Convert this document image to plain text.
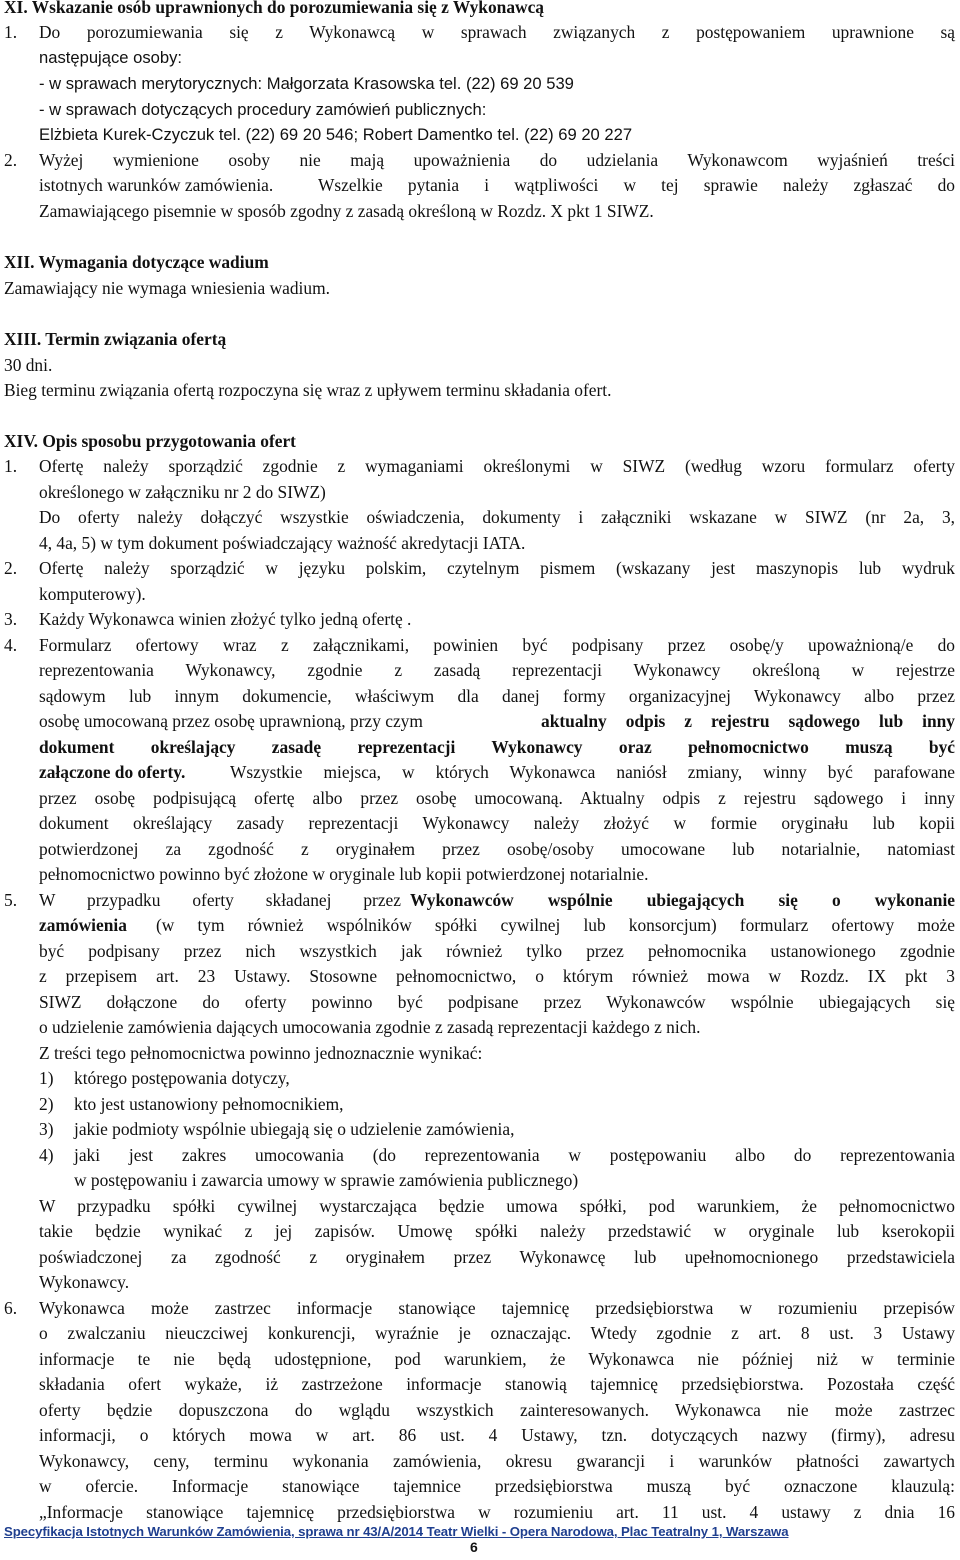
XI. Wskazanie osób uprawnionych do porozumiewania się z Wykonawcą
1. Do porozumiewania się z Wykonawcą w sprawach związanych z postępowaniem uprawnione są
następujące osoby:
- w sprawach merytorycznych: Małgorzata Krasowska tel. (22) 69 20 539
- w sprawach dotyczących procedury zamówień publicznych:
Elżbieta Kurek-Czyczuk tel. (22) 69 20 546; Robert Damentko tel. (22) 69 20 227
2. Wyżej wymienione osoby nie mają upoważnienia do udzielania Wykonawcom wyjaśnień treści
istotnych warunków zamówienia.	Wszelkie pytania i wątpliwości w tej sprawie należy zgłaszać do
Zamawiającego pisemnie w sposób zgodny z zasadą określoną w Rozdz. X pkt 1 SIWZ.
XII. Wymagania dotyczące wadium
Zamawiający nie wymaga wniesienia wadium.
XIII. Termin związania ofertą
30 dni.
Bieg terminu związania ofertą rozpoczyna się wraz z upływem terminu składania ofert.
XIV. Opis sposobu przygotowania ofert
1. Ofertę należy sporządzić zgodnie z wymaganiami określonymi w SIWZ (według wzoru formularz oferty
określonego w załączniku nr 2 do SIWZ)
Do oferty należy dołączyć wszystkie oświadczenia, dokumenty i załączniki wskazane w SIWZ (nr 2a, 3,
4, 4a, 5) w tym dokument poświadczający ważność akredytacji IATA.
2. Ofertę należy sporządzić w języku polskim, czytelnym pismem (wskazany jest maszynopis lub wydruk
komputerowy).
3. Każdy Wykonawca winien złożyć tylko jedną ofertę .
4. Formularz ofertowy wraz z załącznikami, powinien być podpisany przez osobę/y upoważnioną/e do
reprezentowania Wykonawcy, zgodnie z zasadą reprezentacji Wykonawcy określoną w rejestrze
sądowym lub innym dokumencie, właściwym dla danej formy organizacyjnej Wykonawcy albo przez
osobę umocowaną przez osobę uprawnioną, przy czym	aktualny odpis z rejestru sądowego lub inny
dokument określający zasadę reprezentacji Wykonawcy oraz pełnomocnictwo muszą być
załączone do oferty.	Wszystkie miejsca, w których Wykonawca naniósł zmiany, winny być parafowane
przez osobę podpisującą ofertę albo przez osobę umocowaną. Aktualny odpis z rejestru sądowego i inny
dokument określający zasady reprezentacji Wykonawcy należy złożyć w formie oryginału lub kopii
potwierdzonej za zgodność z oryginałem przez osobę/osoby umocowane lub notarialnie, natomiast
pełnomocnictwo powinno być złożone w oryginale lub kopii potwierdzonej notarialnie.
5. W przypadku oferty składanej przez Wykonawców wspólnie ubiegających się o wykonanie
zamówienia (w tym również wspólników spółki cywilnej lub konsorcjum) formularz ofertowy może
być podpisany przez nich wszystkich jak również tylko przez pełnomocnika ustanowionego zgodnie
z przepisem art. 23 Ustawy. Stosowne pełnomocnictwo, o którym również mowa w Rozdz. IX pkt 3
SIWZ dołączone do oferty powinno być podpisane przez Wykonawców wspólnie ubiegających się
o udzielenie zamówienia dających umocowania zgodnie z zasadą reprezentacji każdego z nich.
Z treści tego pełnomocnictwa powinno jednoznacznie wynikać:
1) którego postępowania dotyczy,
2) kto jest ustanowiony pełnomocnikiem,
3) jakie podmioty wspólnie ubiegają się o udzielenie zamówienia,
4) jaki jest zakres umocowania (do reprezentowania w postępowaniu albo do reprezentowania
w postępowaniu i zawarcia umowy w sprawie zamówienia publicznego)
W przypadku spółki cywilnej wystarczająca będzie umowa spółki, pod warunkiem, że pełnomocnictwo
takie będzie wynikać z jej zapisów. Umowę spółki należy przedstawić w oryginale lub kserokopii
poświadczonej za zgodność z oryginałem przez Wykonawcę lub upełnomocnionego przedstawiciela
Wykonawcy.
6. Wykonawca może zastrzec informacje stanowiące tajemnicę przedsiębiorstwa w rozumieniu przepisów
o zwalczaniu nieuczciwej konkurencji, wyraźnie je oznaczając. Wtedy zgodnie z art. 8 ust. 3 Ustawy
informacje te nie będą udostępnione, pod warunkiem, że Wykonawca nie później niż w terminie
składania ofert wykaże, iż zastrzeżone informacje stanowią tajemnicę przedsiębiorstwa. Pozostała część
oferty będzie dopuszczona do wglądu wszystkich zainteresowanych. Wykonawca nie może zastrzec
informacji, o których mowa w art. 86 ust. 4 Ustawy, tzn. dotyczących nazwy (firmy), adresu
Wykonawcy, ceny, terminu wykonania zamówienia, okresu gwarancji i warunków płatności zawartych
w ofercie. Informacje stanowiące tajemnice przedsiębiorstwa muszą być oznaczone klauzulą:
„Informacje stanowiące tajemnicę przedsiębiorstwa w rozumieniu art. 11 ust. 4 ustawy z dnia 16
Specyfikacja Istotnych Warunków Zamówienia, sprawa nr 43/A/2014 Teatr Wielki - Opera Narodowa, Plac Teatralny 1, Warszawa
6
